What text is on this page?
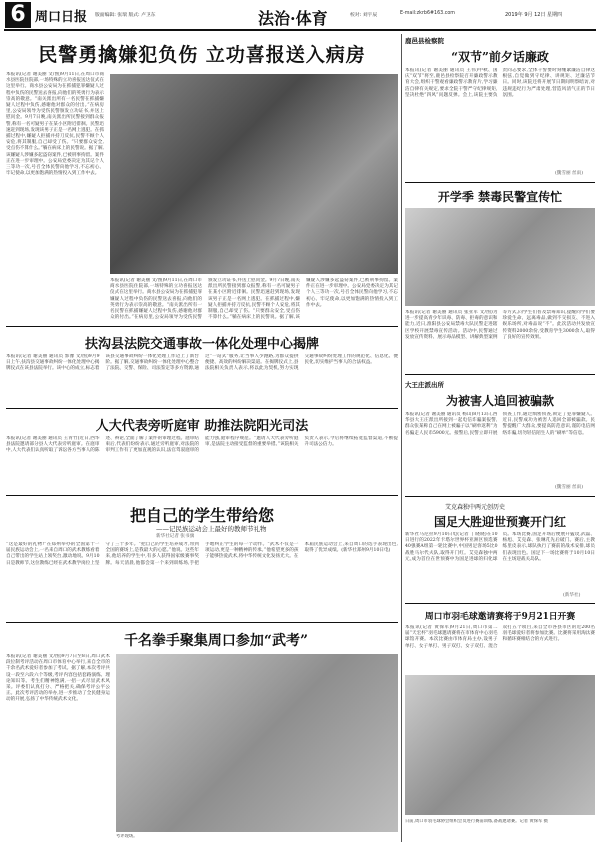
6 周口日报 版面编辑: 张瑞 版式: 卢卫东	法治·体育	校对: 刘宇辰	E-mail:zkrb6#163.com	2019年 9月 12日 星期四
民警勇擒嫌犯负伤 立功喜报送入病房
本报讯(记者 谢美丽 文/图)9月11日,在周口市商水县医院住院部,一场特殊的立功喜报送达仪式在这里举行。商水县公安局为在抓捕犯罪嫌疑人过程中负伤的民警送去喜报,向他们的英勇行为表示崇高的敬意。“南关派出所有一名民警在抓捕嫌疑人过程中负伤,感谢他对群众的付出。”在病房里,公安局领导为受伤民警颁发立功证书,并送上慰问金。9月7日晚,南关派出所民警接到群众报警,称有一名可疑男子在某小区附近徘徊。民警迅速赶到现场,发现该男子正是一名网上逃犯。在抓捕过程中,嫌疑人拒捕并持刀反抗,民警不顾个人安危,将其制服,自己却受了伤。“只要群众安全,受点伤不算什么。”躺在病床上的民警说。据了解,该嫌疑人涉嫌多起盗窃案件,已被刑事拘留。案件正在进一步审理中。公安局党委决定为其记个人三等功一次,号召全体民警向他学习,不忘初心、牢记使命,以更加饱满的热情投入到工作中去。
本报讯(记者 谢美丽 文/图)9月11日,在周口市商水县医院住院部,一场特殊的立功喜报送达仪式在这里举行。商水县公安局为在抓捕犯罪嫌疑人过程中负伤的民警送去喜报,向他们的英勇行为表示崇高的敬意。“南关派出所有一名民警在抓捕嫌疑人过程中负伤,感谢他对群众的付出。”在病房里,公安局领导为受伤民警颁发立功证书,并送上慰问金。9月7日晚,南关派出所民警接到群众报警,称有一名可疑男子在某小区附近徘徊。民警迅速赶到现场,发现该男子正是一名网上逃犯。在抓捕过程中,嫌疑人拒捕并持刀反抗,民警不顾个人安危,将其制服,自己却受了伤。“只要群众安全,受点伤不算什么。”躺在病床上的民警说。据了解,该嫌疑人涉嫌多起盗窃案件,已被刑事拘留。案件正在进一步审理中。公安局党委决定为其记个人三等功一次,号召全体民警向他学习,不忘初心、牢记使命,以更加饱满的热情投入到工作中去。
扶沟县法院交通事故一体化处理中心揭牌
本报讯(记者 谢美丽 通讯员 郭豫 文/图)9月9日上午,扶沟县交通事故纠纷一体化处理中心揭牌仪式在该县法院举行。该中心的成立,标志着该县交通事故纠纷一体化处理工作迈上了新台阶。据了解,交通事故纠纷一体化处理中心整合了法院、交警、保险、司法鉴定等多方资源,通过“一站式”服务,让当事人少跑路,为群众提供便捷、高效的纠纷解决渠道。在揭牌仪式上,县法院相关负责人表示,将以此为契机,努力实现交通事故纠纷处理工作的规范化、信息化、便民化,切实维护当事人的合法权益。
人大代表旁听庭审 助推法院阳光司法
本报讯(记者 谢美丽 通讯员 王青竹)近日,西华县法院邀请部分县人大代表旁听庭审。在庭审中,人大代表们认真听取了诉讼各方当事人的陈述、辩论,全面了解了案件的审理过程。庭审结束后,代表们纷纷表示,通过旁听庭审,对法院的审判工作有了更加直观的认识,法官驾驭庭审的能力强,庭审程序规范。“邀请人大代表旁听庭审,是法院主动接受监督的重要举措。”该院相关负责人表示,今后将继续拓宽监督渠道,不断提升司法公信力。
把自己的学生带给您
——记民族运动会上最好的教师节礼物
新华社记者 张书旗
“这是最好的礼物!”在郑州举办的全国第十一届民族运动会上,一名来自周口的武术教练看着自己带出的学生站上领奖台,激动地说。9月10日是教师节,这位教练已经在武术教学岗位上坚守了三十多年。“把自己的学生培养成才,带到全国的赛场上,是我最大的心愿。”他说。这些年来,他培养的学生中,有多人获得国家级赛事奖牌。每天清晨,他都会第一个来到训练场,手把手地纠正学生的每一个动作。“武术不仅是一项运动,更是一种精神的传承。”他希望更多的孩子能够热爱武术,将中华传统文化发扬光大。在本届民族运动会上,来自周口的选手表现出色,取得了优异成绩。(新华社郑州9月10日电)
千名拳手聚集周口参加“武考”
本报讯(记者 谢美丽 文/图)9月7日至8日,周口武术段位制考评活动在周口市体育中心举行,来自全市的千余名武术爱好者参加了考试。据了解,本次考评共设一段至六段六个等级,考评内容包括套路演练、理论知识等。考生们精神饱满,一招一式尽显武术风采。评委们认真打分、严格把关,确保考评公平公正。此次考评活动的举办,进一步推动了全民健身运动的开展,弘扬了中华传统武术文化。
考评现场。
鹿邑县检察院
“双节”前夕话廉政
本报讯(记者 谢美丽 通讯员 王伟)中秋、国庆“双节”将至,鹿邑县检察院召开廉政警示教育大会,组织干警观看廉政警示教育片,学习廉洁自律有关规定,要求全院干警严守纪律规矩,坚决杜绝“四风”问题反弹。会上,该院主要负责同志要求,全体干警要时刻绷紧廉洁自律这根弦,自觉做到守纪律、讲规矩、过廉洁节日。同时,该院还将开展节日期间明察暗访,对违规违纪行为严肃处理,营造风清气正的节日氛围。
(魏雪丽 丝雨)
开学季 禁毒民警宣传忙
本报讯(记者 谢美丽 通讯员 张亚军 文/图)为进一步提高青少年识毒、防毒、拒毒的意识和能力,近日,淮阳县公安局禁毒大队民警走进辖区学校开展禁毒宣传活动。活动中,民警通过发放宣传资料、展示毒品模型、讲解典型案例等方式,向学生们普及禁毒知识,提醒同学们要珍爱生命、远离毒品,做到不交损友、不进入娱乐场所,对毒品说“不”。此次活动共发放宣传资料2000余份,受教育学生3000余人,取得了良好的宣传效果。
大王庄派出所
为被害人追回被骗款
本报讯(记者 谢美丽 通讯员 杨山)8月13日,西华县大王庄派出所接到一起电信诈骗案报警,群众张某称自己在网上被骗子以“刷单返利”为名骗走人民币5900元。接警后,民警立即开展侦查工作,通过缜密侦查,锁定了犯罪嫌疑人。近日,民警成功为被害人追回全部被骗款。民警提醒广大群众,要提高防范意识,谨防电信网络诈骗,切勿轻信陌生人的“刷单”等信息。
(魏雪丽 丝雨)
艾克森独中两元创历史
国足大胜迎世预赛开门红
新华社马尼拉9月10日电(记者 丁晓晓)在10日进行的2022年卡塔尔世界杯亚洲区预选赛40强赛A组第一轮比赛中,中国男足客场5比0战胜马尔代夫队,取得开门红。艾克森独中两元,成为首位在世预赛中为国足进球的归化球员。本场比赛,国足开场后便展开猛攻,武磊、杨旭、艾克森、张琳芃先后破门。赛后,主教练里皮表示,球队执行了赛前的战术安排,球员们表现出色。国足下一场比赛将于10月10日在主场迎战关岛队。
(新华社)
周口市羽毛球邀请赛将于9月21日开赛
本报讯(记者 黄保军)9月21日,周口市第二届“天宏杯”羽毛球邀请赛将在市体育中心羽毛球馆开赛。本次比赛由市体育局主办,设男子单打、女子单打、男子双打、女子双打、混合双打五个项目,来自全市各县市区的近200名羽毛球爱好者将参加比赛。比赛将采用淘汰赛和循环赛相结合的方式进行。
日前,周口市羽毛球协会组织会员进行赛前训练,备战邀请赛。记者 黄保军 摄
